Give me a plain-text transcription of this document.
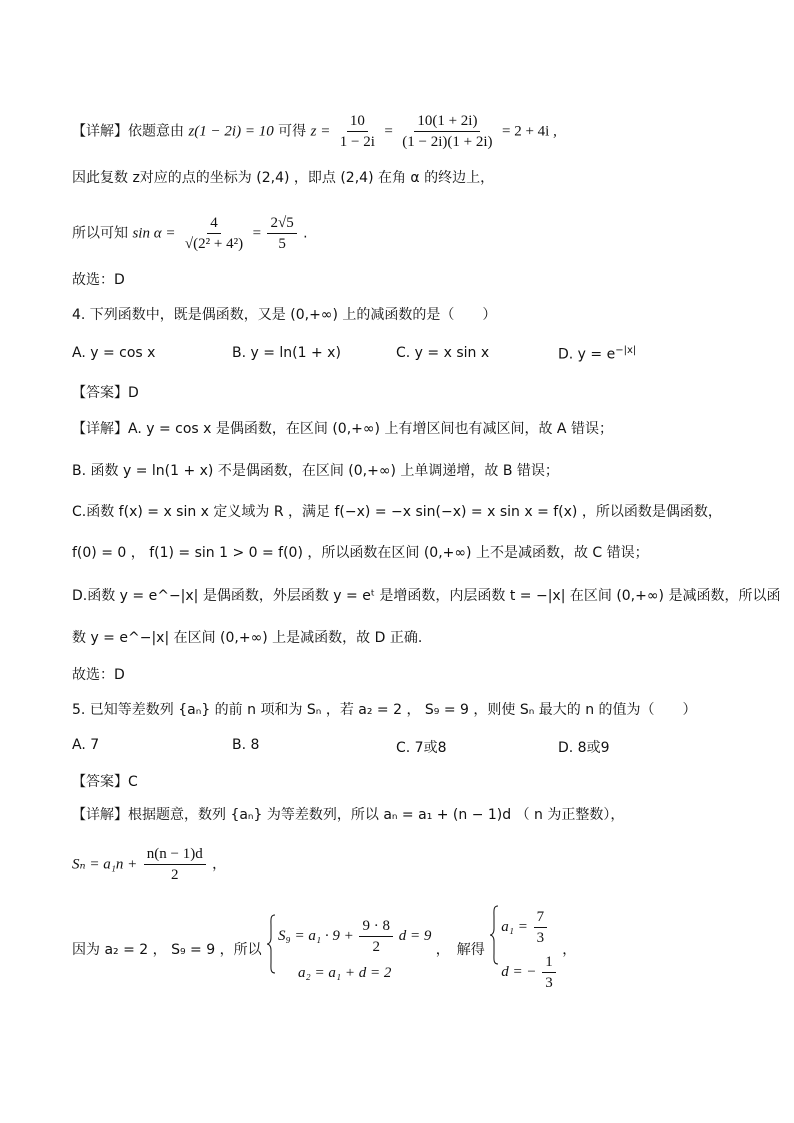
【详解】依题意由 z(1 − 2i) = 10 可得 $z = \frac{10}{1 - 2i} = \frac{10(1 + 2i)}{(1 - 2i)(1 + 2i)} = 2 + 4i$ ,
因此复数 z对应的点的坐标为 (2,4) ，即点 (2,4) 在角 α 的终边上，
所以可知 $\sin \alpha = \frac{4}{\text{√(2² + 4²)}} = \frac{2√5}{5}$ .
故选：D
4. 下列函数中，既是偶函数，又是 (0,+∞) 上的减函数的是（　　）
A. y = cos x	B. y = ln(1 + x)	C. y = x sin x	D. $y = e^{-|x|}$
【答案】D
【详解】A. y = cos x 是偶函数，在区间 (0,+∞) 上有增区间也有减区间，故 A 错误；
B. 函数 y = ln(1 + x) 不是偶函数，在区间 (0,+∞) 上单调递增，故 B 错误；
C.函数 f(x) = x sin x 定义域为 R ，满足 f(−x) = −x sin(−x) = x sin x = f(x) ，所以函数是偶函数，
f(0) = 0 ， f(1) = sin 1 > 0 = f(0) ，所以函数在区间 (0,+∞) 上不是减函数，故 C 错误；
D.函数 y = e^−|x| 是偶函数，外层函数 y = eᵗ 是增函数，内层函数 t = −|x| 在区间 (0,+∞) 是减函数，所以函
数 y = e^−|x| 在区间 (0,+∞) 上是减函数，故 D 正确.
故选：D
5. 已知等差数列 {aₙ} 的前 n 项和为 Sₙ ，若 a₂ = 2 ， S₉ = 9 ，则使 Sₙ 最大的 n 的值为（　　）
A. 7	B. 8	C. 7或8	D. 8或9
【答案】C
【详解】根据题意，数列 {aₙ} 为等差数列，所以 aₙ = a₁ + (n − 1)d （ n 为正整数），
$S_n = a_1n + \frac{n(n - 1)d}{2}$ ，
因为 a₂ = 2 ， S₉ = 9 ，所以
$S_9 = a_1 \cdot 9 + \frac{9 \cdot 8}{2}$ d = 9
a₂ = a₁ + d = 2
，　解得
$a_1 = \frac{7}{3}$
d = − $\frac{1}{3}$
，
